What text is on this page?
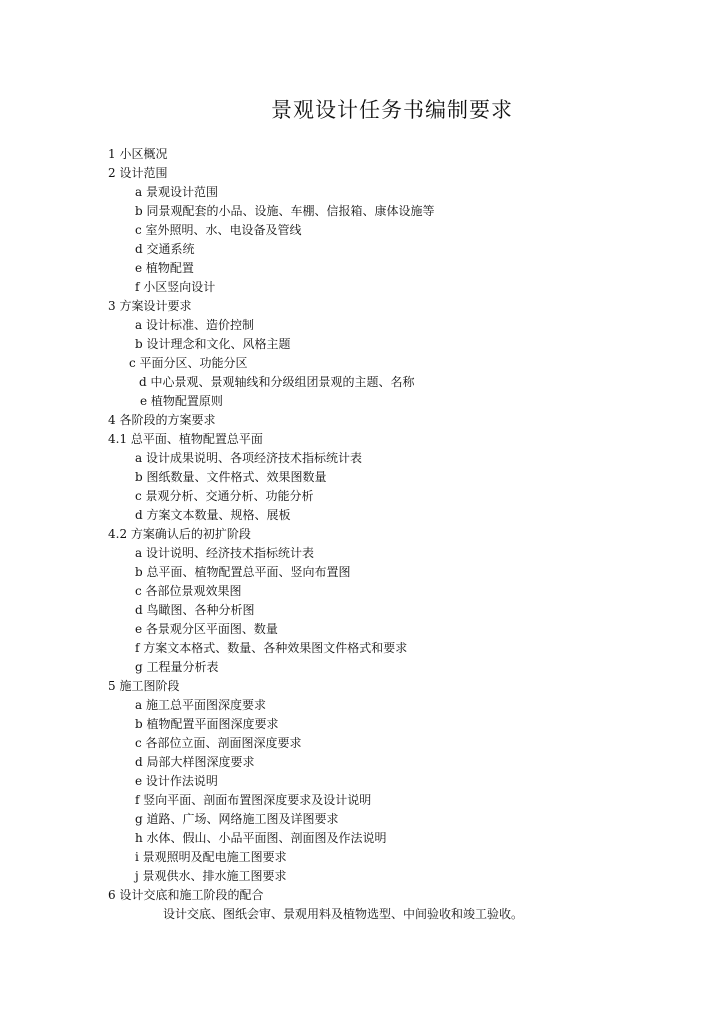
景观设计任务书编制要求
1 小区概况
2 设计范围
a 景观设计范围
b 同景观配套的小品、设施、车棚、信报箱、康体设施等
c 室外照明、水、电设备及管线
d 交通系统
e 植物配置
f 小区竖向设计
3 方案设计要求
a 设计标准、造价控制
b 设计理念和文化、风格主题
c 平面分区、功能分区
d 中心景观、景观轴线和分级组团景观的主题、名称
e 植物配置原则
4 各阶段的方案要求
4.1 总平面、植物配置总平面
a 设计成果说明、各项经济技术指标统计表
b 图纸数量、文件格式、效果图数量
c 景观分析、交通分析、功能分析
d 方案文本数量、规格、展板
4.2 方案确认后的初扩阶段
a 设计说明、经济技术指标统计表
b 总平面、植物配置总平面、竖向布置图
c 各部位景观效果图
d 鸟瞰图、各种分析图
e 各景观分区平面图、数量
f 方案文本格式、数量、各种效果图文件格式和要求
g 工程量分析表
5 施工图阶段
a 施工总平面图深度要求
b 植物配置平面图深度要求
c 各部位立面、剖面图深度要求
d 局部大样图深度要求
e 设计作法说明
f 竖向平面、剖面布置图深度要求及设计说明
g 道路、广场、网络施工图及详图要求
h 水体、假山、小品平面图、剖面图及作法说明
i 景观照明及配电施工图要求
j 景观供水、排水施工图要求
6 设计交底和施工阶段的配合
设计交底、图纸会审、景观用料及植物选型、中间验收和竣工验收。
